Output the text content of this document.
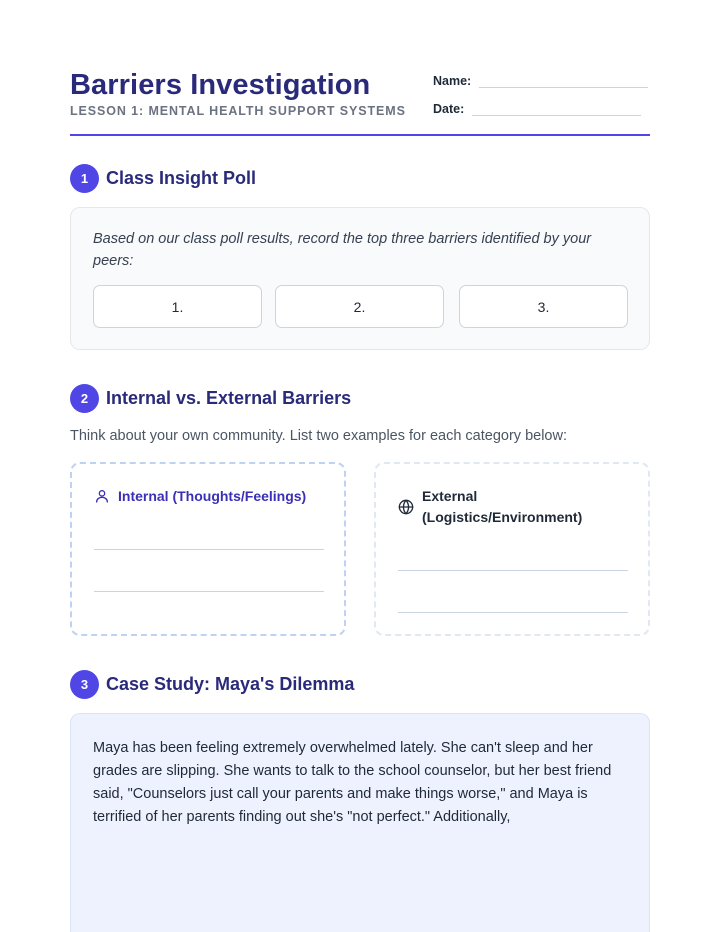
Barriers Investigation
LESSON 1: MENTAL HEALTH SUPPORT SYSTEMS
Name:
Date:
1 Class Insight Poll
Based on our class poll results, record the top three barriers identified by your peers:
1.	2.	3.
2 Internal vs. External Barriers
Think about your own community. List two examples for each category below:
Internal (Thoughts/Feelings)	External (Logistics/Environment)
3 Case Study: Maya's Dilemma
Maya has been feeling extremely overwhelmed lately. She can't sleep and her grades are slipping. She wants to talk to the school counselor, but her best friend said, "Counselors just call your parents and make things worse," and Maya is terrified of her parents finding out she's "not perfect." Additionally,
